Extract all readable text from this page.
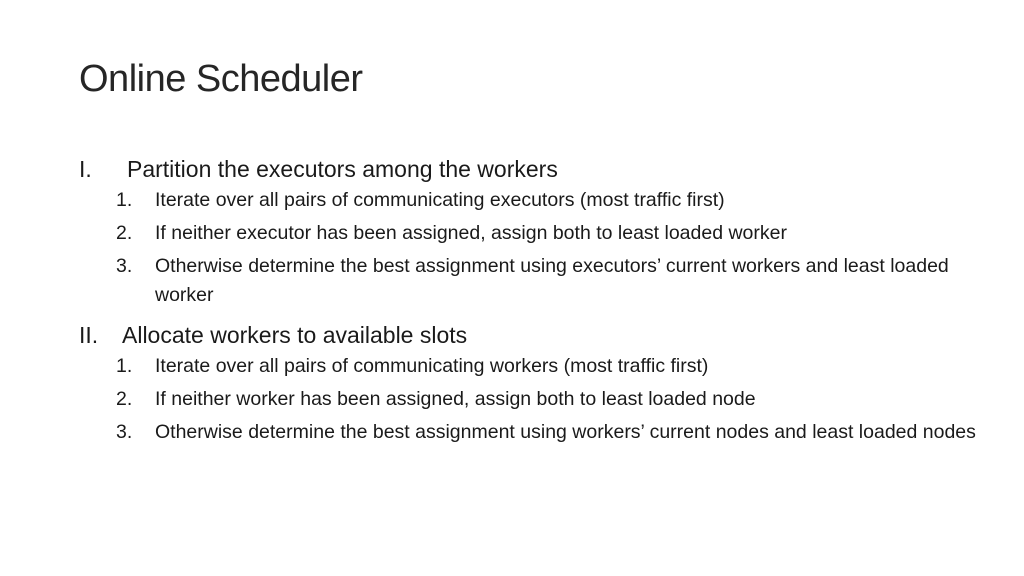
Online Scheduler
I.	Partition the executors among the workers
1. Iterate over all pairs of communicating executors (most traffic first)
2. If neither executor has been assigned, assign both to least loaded worker
3. Otherwise determine the best assignment using executors’ current workers and least loaded worker
II.	Allocate workers to available slots
1. Iterate over all pairs of communicating workers (most traffic first)
2. If neither worker has been assigned, assign both to least loaded node
3. Otherwise determine the best assignment using workers’ current nodes and least loaded nodes
